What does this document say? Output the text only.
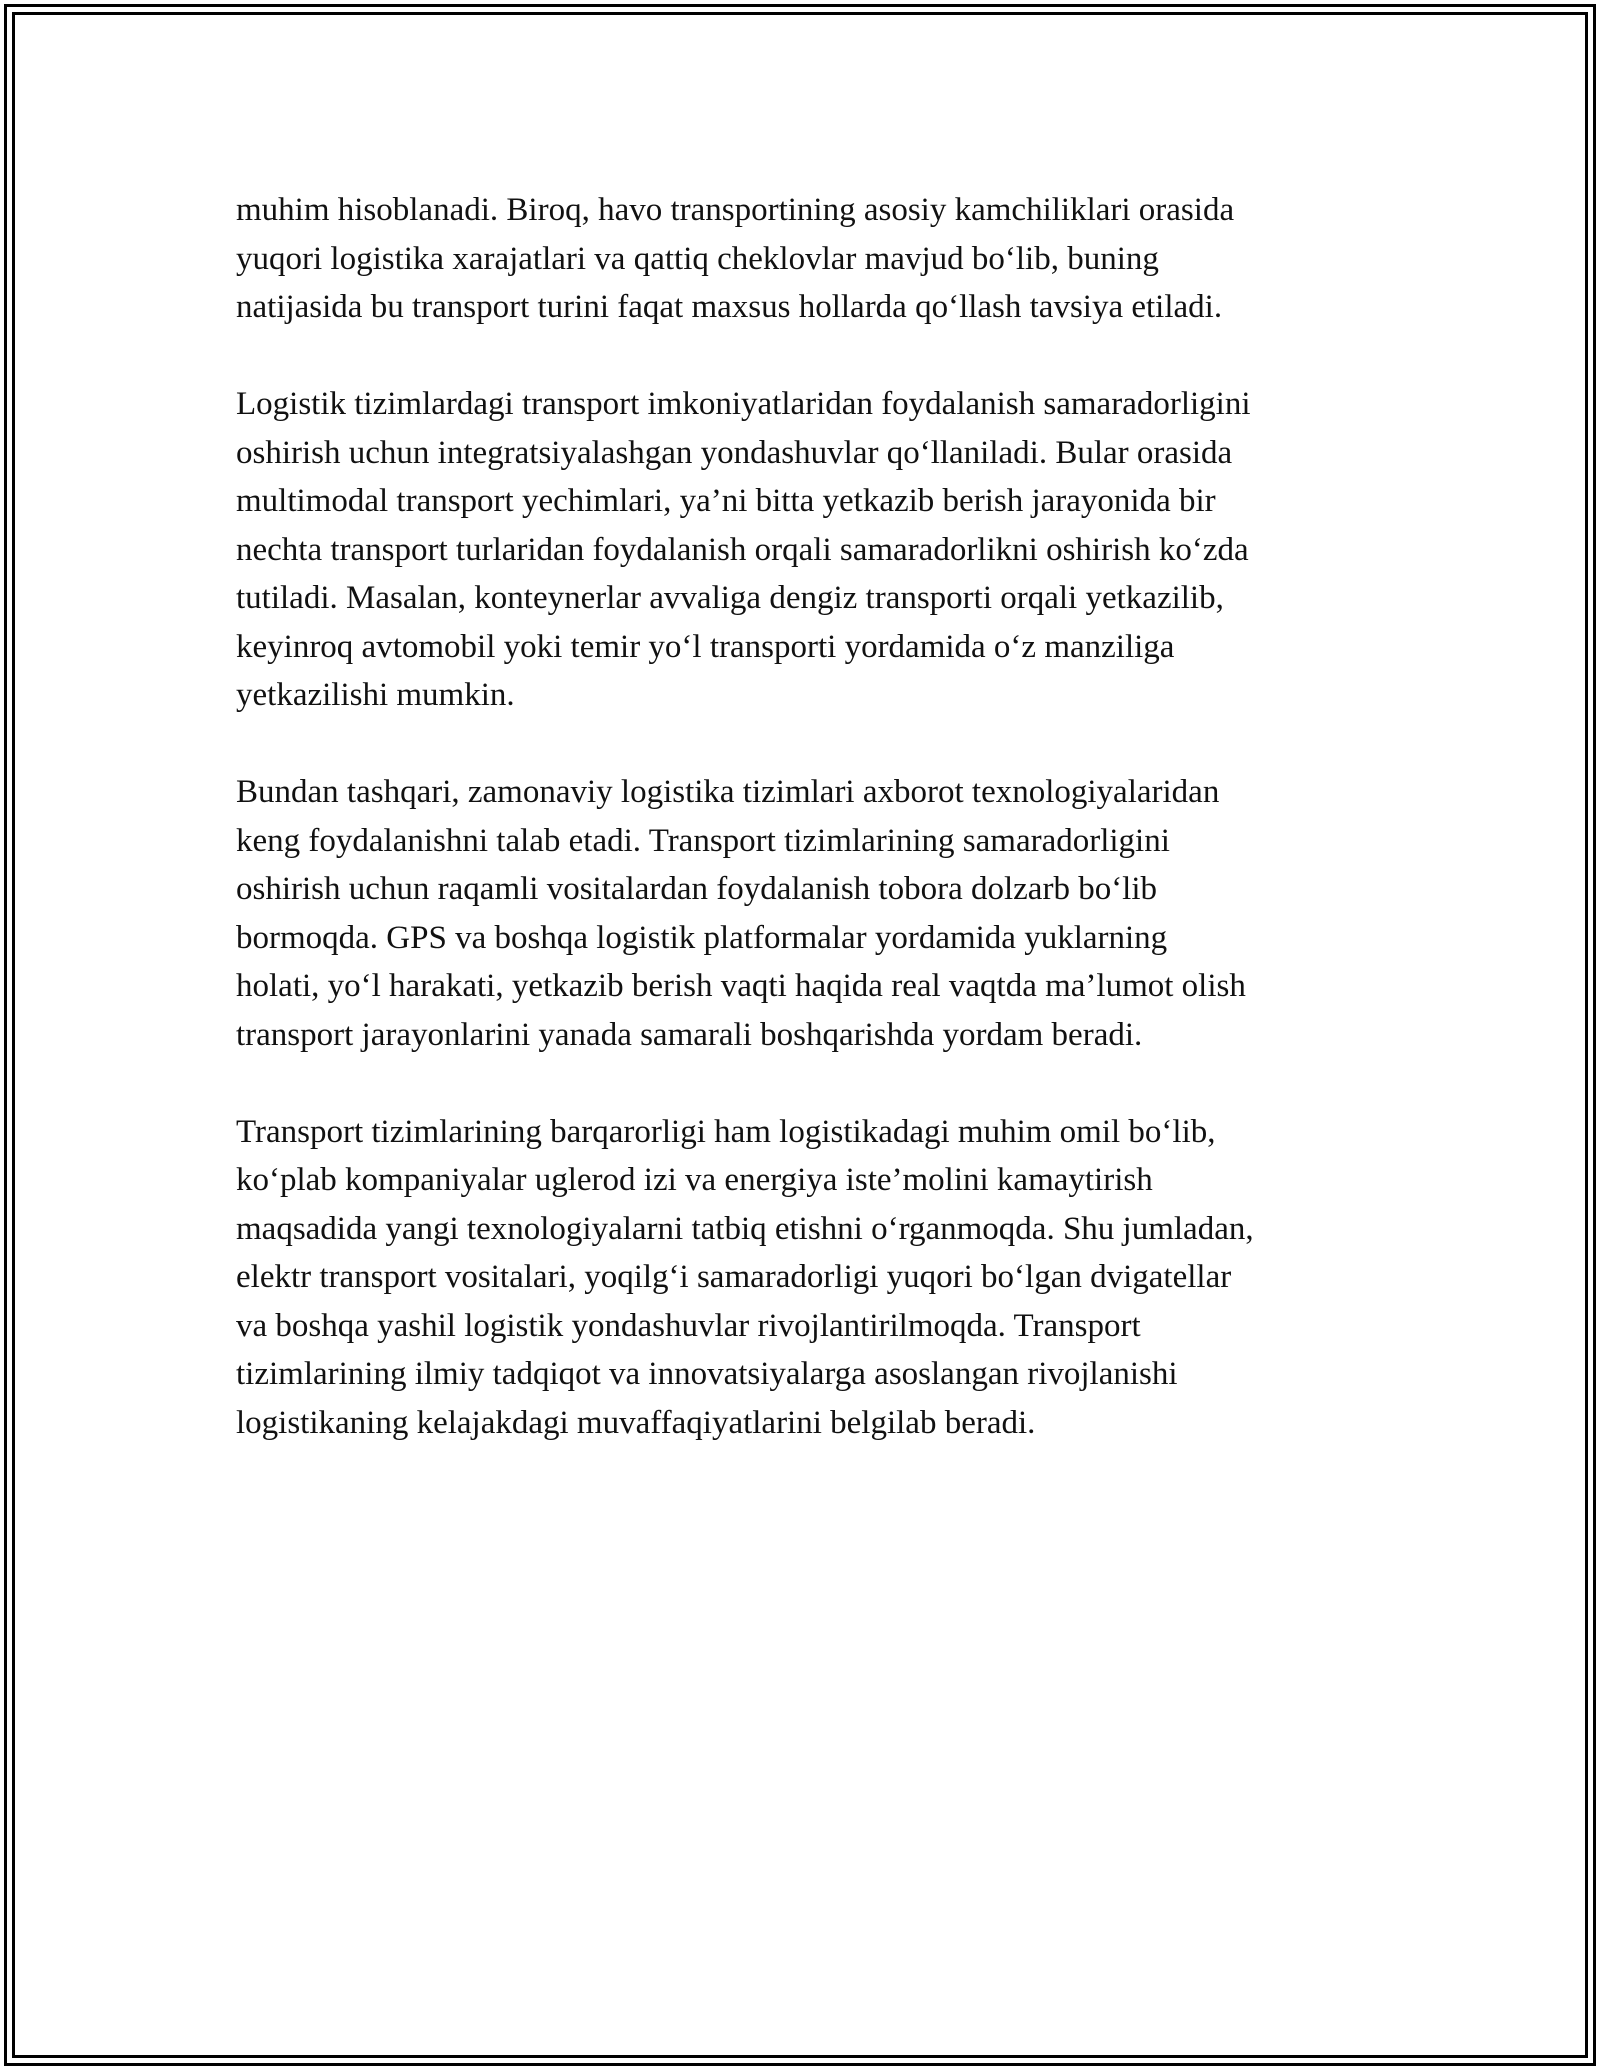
muhim hisoblanadi. Biroq, havo transportining asosiy kamchiliklari orasida
yuqori logistika xarajatlari va qattiq cheklovlar mavjud bo‘lib, buning
natijasida bu transport turini faqat maxsus hollarda qo‘llash tavsiya etiladi.

Logistik tizimlardagi transport imkoniyatlaridan foydalanish samaradorligini
oshirish uchun integratsiyalashgan yondashuvlar qo‘llaniladi. Bular orasida
multimodal transport yechimlari, ya’ni bitta yetkazib berish jarayonida bir
nechta transport turlaridan foydalanish orqali samaradorlikni oshirish ko‘zda
tutiladi. Masalan, konteynerlar avvaliga dengiz transporti orqali yetkazilib,
keyinroq avtomobil yoki temir yo‘l transporti yordamida o‘z manziliga
yetkazilishi mumkin.

Bundan tashqari, zamonaviy logistika tizimlari axborot texnologiyalaridan
keng foydalanishni talab etadi. Transport tizimlarining samaradorligini
oshirish uchun raqamli vositalardan foydalanish tobora dolzarb bo‘lib
bormoqda. GPS va boshqa logistik platformalar yordamida yuklarning
holati, yo‘l harakati, yetkazib berish vaqti haqida real vaqtda ma’lumot olish
transport jarayonlarini yanada samarali boshqarishda yordam beradi.

Transport tizimlarining barqarorligi ham logistikadagi muhim omil bo‘lib,
ko‘plab kompaniyalar uglerod izi va energiya iste’molini kamaytirish
maqsadida yangi texnologiyalarni tatbiq etishni o‘rganmoqda. Shu jumladan,
elektr transport vositalari, yoqilg‘i samaradorligi yuqori bo‘lgan dvigatellar
va boshqa yashil logistik yondashuvlar rivojlantirilmoqda. Transport
tizimlarining ilmiy tadqiqot va innovatsiyalarga asoslangan rivojlanishi
logistikaning kelajakdagi muvaffaqiyatlarini belgilab beradi.
